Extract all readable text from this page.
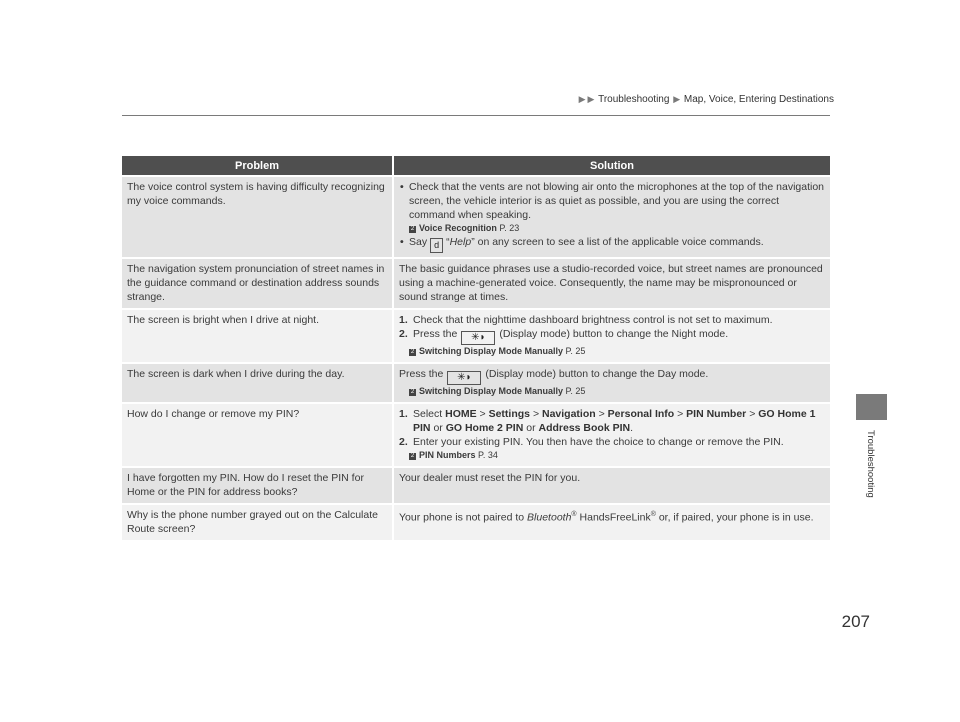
▶ ▶ Troubleshooting ▶ Map, Voice, Entering Destinations
Troubleshooting
Problem	Solution
The voice control system is having difficulty recognizing my voice commands.	• Check that the vents are not blowing air onto the microphones at the top of the navigation screen, the vehicle interior is as quiet as possible, and you are using the correct command when speaking.
2 Voice Recognition P. 23
• Say d “Help” on any screen to see a list of the applicable voice commands.

The navigation system pronunciation of street names in the guidance command or destination address sounds strange.	The basic guidance phrases use a studio-recorded voice, but street names are pronounced using a machine-generated voice. Consequently, the name may be mispronounced or sound strange at times.
The screen is bright when I drive at night.	1. Check that the nighttime dashboard brightness control is not set to maximum.
2. Press the ✳◗ (Display mode) button to change the Night mode.
2 Switching Display Mode Manually P. 25

The screen is dark when I drive during the day.	Press the ✳◗ (Display mode) button to change the Day mode.
2 Switching Display Mode Manually P. 25

How do I change or remove my PIN?	1. Select HOME > Settings > Navigation > Personal Info > PIN Number > GO Home 1 PIN or GO Home 2 PIN or Address Book PIN.
2. Enter your existing PIN. You then have the choice to change or remove the PIN.
2 PIN Numbers P. 34

I have forgotten my PIN. How do I reset the PIN for Home or the PIN for address books?	Your dealer must reset the PIN for you.
Why is the phone number grayed out on the Calculate Route screen?	Your phone is not paired to Bluetooth® HandsFreeLink® or, if paired, your phone is in use.
207
